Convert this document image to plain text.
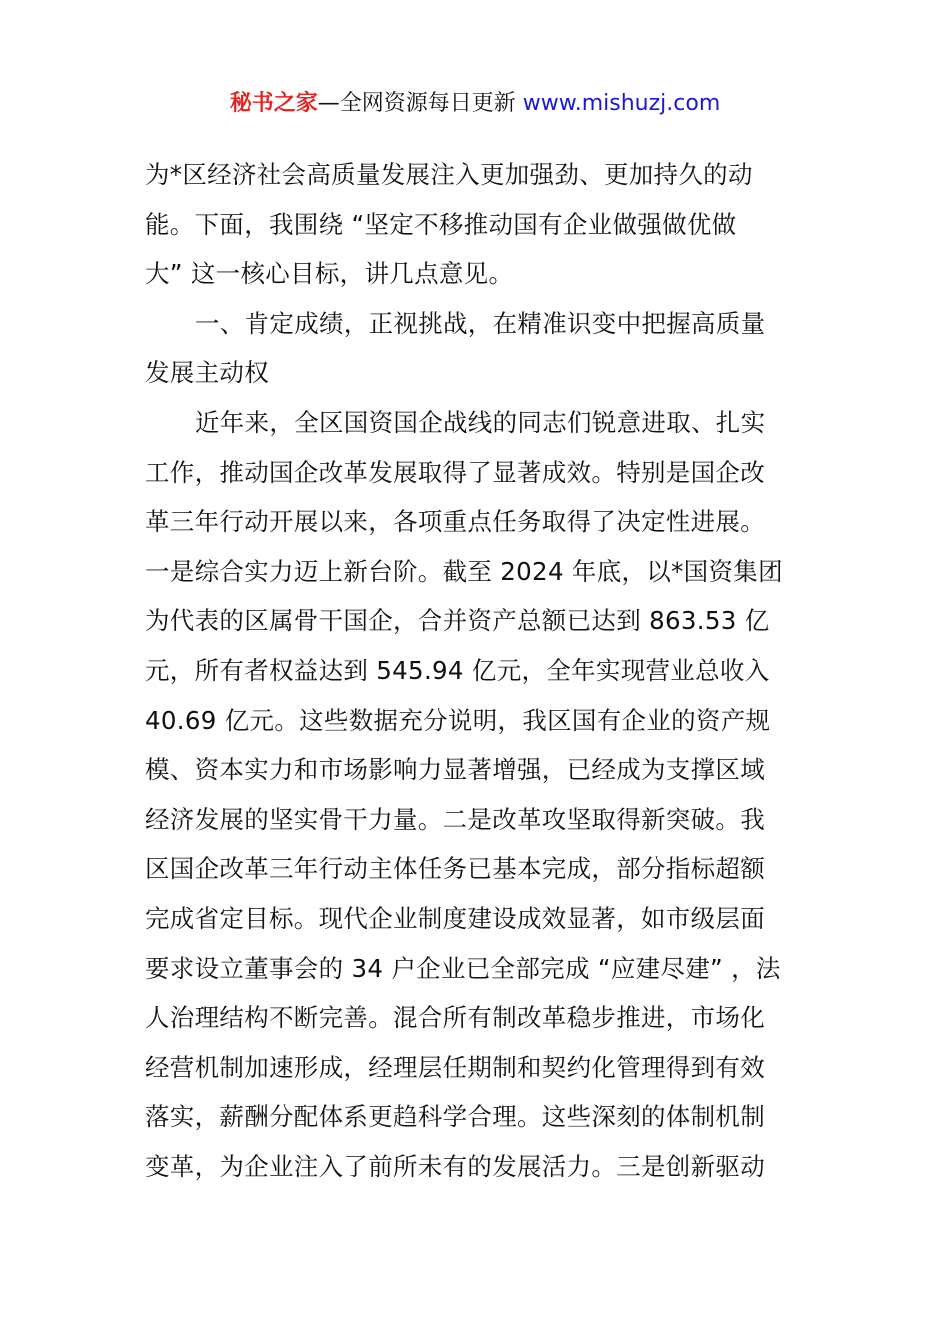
秘书之家—全网资源每日更新 www.mishuzj.com
为*区经济社会高质量发展注入更加强劲、更加持久的动
能。下面，我围绕 “坚定不移推动国有企业做强做优做
大” 这一核心目标，讲几点意见。
一、肯定成绩，正视挑战，在精准识变中把握高质量
发展主动权
近年来，全区国资国企战线的同志们锐意进取、扎实
工作，推动国企改革发展取得了显著成效。特别是国企改
革三年行动开展以来，各项重点任务取得了决定性进展。
一是综合实力迈上新台阶。截至 2024 年底，以*国资集团
为代表的区属骨干国企，合并资产总额已达到 863.53 亿
元，所有者权益达到 545.94 亿元，全年实现营业总收入
40.69 亿元。这些数据充分说明，我区国有企业的资产规
模、资本实力和市场影响力显著增强，已经成为支撑区域
经济发展的坚实骨干力量。二是改革攻坚取得新突破。我
区国企改革三年行动主体任务已基本完成，部分指标超额
完成省定目标。现代企业制度建设成效显著，如市级层面
要求设立董事会的 34 户企业已全部完成 “应建尽建” ，法
人治理结构不断完善。混合所有制改革稳步推进，市场化
经营机制加速形成，经理层任期制和契约化管理得到有效
落实，薪酬分配体系更趋科学合理。这些深刻的体制机制
变革，为企业注入了前所未有的发展活力。三是创新驱动
